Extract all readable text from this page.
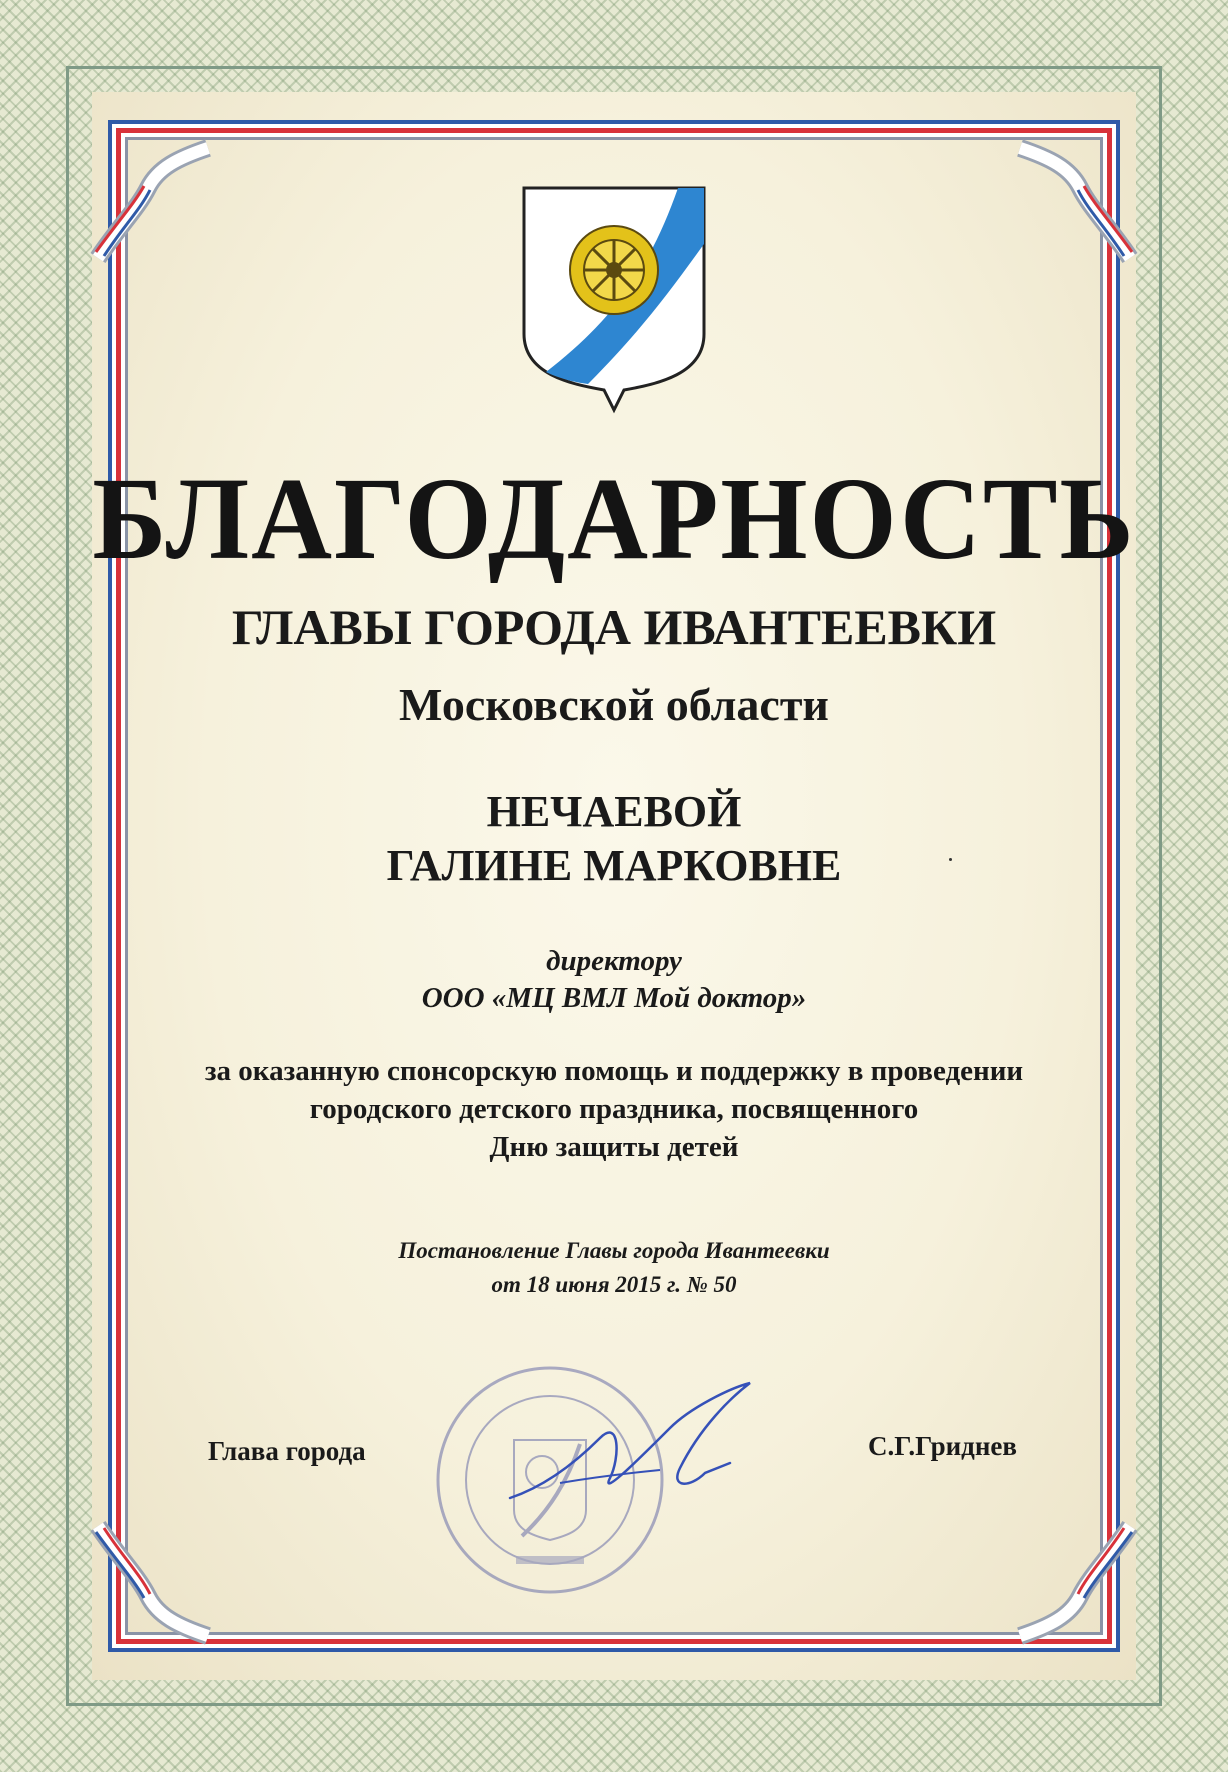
БЛАГОДАРНОСТЬ
ГЛАВЫ ГОРОДА ИВАНТЕЕВКИ
Московской области
НЕЧАЕВОЙ
ГАЛИНЕ МАРКОВНЕ
директору
ООО «МЦ ВМЛ Мой доктор»
за оказанную спонсорскую помощь и поддержку в проведении
городского детского праздника, посвященного
Дню защиты детей
Постановление Главы города Ивантеевки
от 18 июня 2015 г. № 50
Глава города	С.Г.Гриднев
